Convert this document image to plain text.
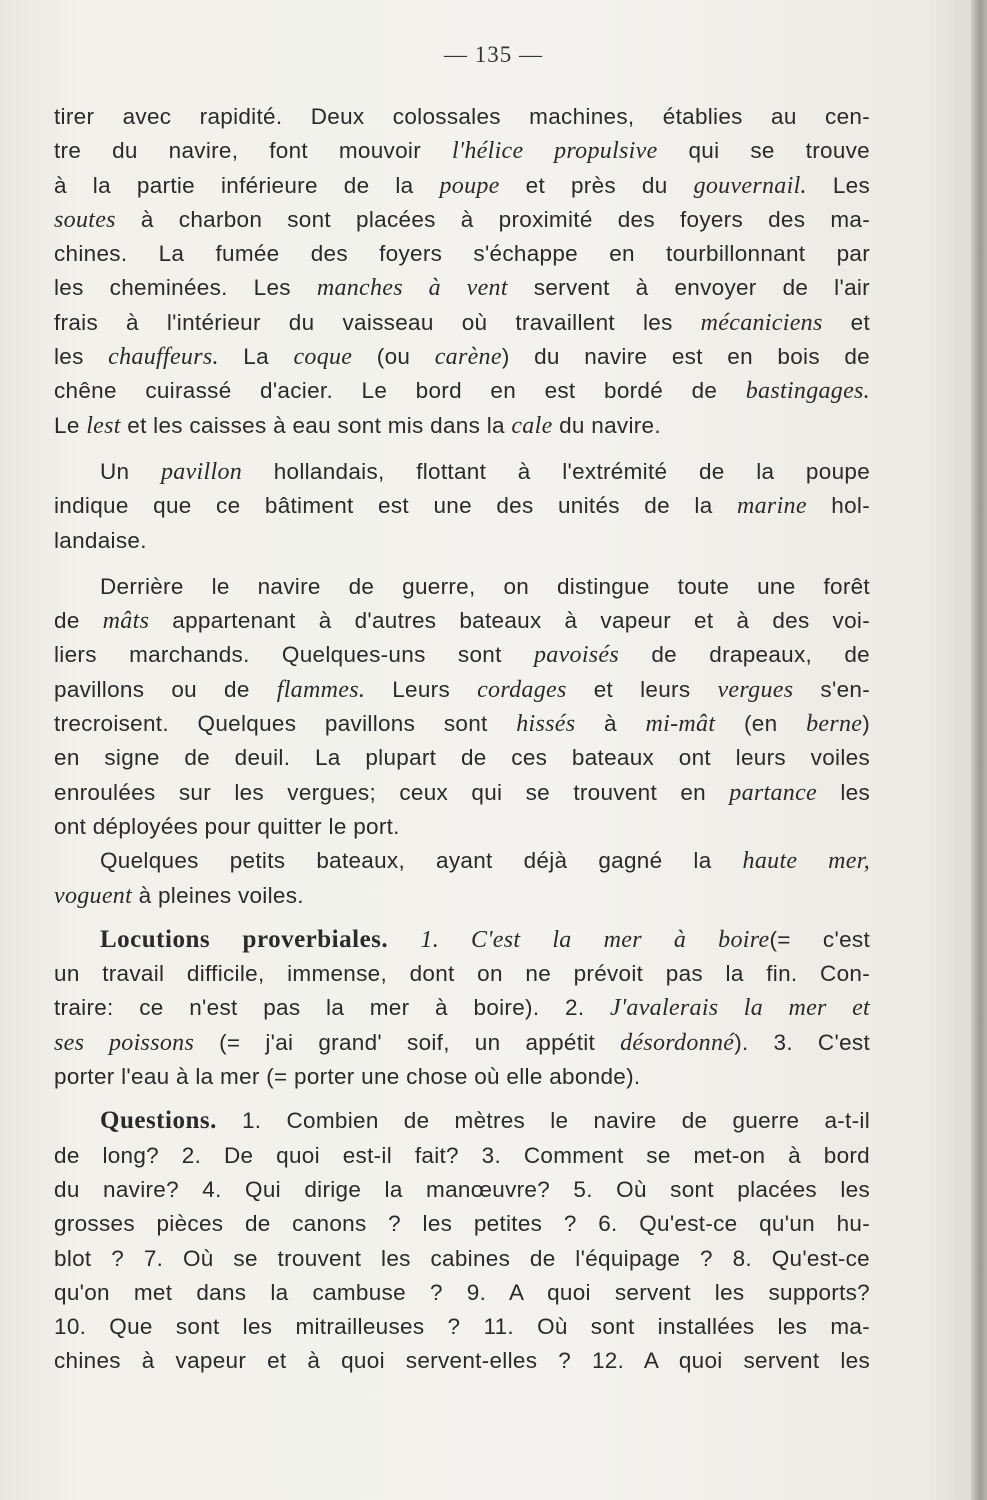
— 135 —
tirer avec rapidité. Deux colossales machines, établies au cen-
tre du navire, font mouvoir l'hélice propulsive qui se trouve
à la partie inférieure de la poupe et près du gouvernail. Les
soutes à charbon sont placées à proximité des foyers des ma-
chines. La fumée des foyers s'échappe en tourbillonnant par
les cheminées. Les manches à vent servent à envoyer de l'air
frais à l'intérieur du vaisseau où travaillent les mécaniciens et
les chauffeurs. La coque (ou carène) du navire est en bois de
chêne cuirassé d'acier. Le bord en est bordé de bastingages.
Le lest et les caisses à eau sont mis dans la cale du navire.
Un pavillon hollandais, flottant à l'extrémité de la poupe
indique que ce bâtiment est une des unités de la marine hol-
landaise.
Derrière le navire de guerre, on distingue toute une forêt
de mâts appartenant à d'autres bateaux à vapeur et à des voi-
liers marchands. Quelques-uns sont pavoisés de drapeaux, de
pavillons ou de flammes. Leurs cordages et leurs vergues s'en-
trecroisent. Quelques pavillons sont hissés à mi-mât (en berne)
en signe de deuil. La plupart de ces bateaux ont leurs voiles
enroulées sur les vergues; ceux qui se trouvent en partance les
ont déployées pour quitter le port.
Quelques petits bateaux, ayant déjà gagné la haute mer,
voguent à pleines voiles.
Locutions proverbiales. 1. C'est la mer à boire(= c'est
un travail difficile, immense, dont on ne prévoit pas la fin. Con-
traire: ce n'est pas la mer à boire). 2. J'avalerais la mer et
ses poissons (= j'ai grand' soif, un appétit désordonné). 3. C'est
porter l'eau à la mer (= porter une chose où elle abonde).
Questions. 1. Combien de mètres le navire de guerre a-t-il
de long? 2. De quoi est-il fait? 3. Comment se met-on à bord
du navire? 4. Qui dirige la manœuvre? 5. Où sont placées les
grosses pièces de canons ? les petites ? 6. Qu'est-ce qu'un hu-
blot ? 7. Où se trouvent les cabines de l'équipage ? 8. Qu'est-ce
qu'on met dans la cambuse ? 9. A quoi servent les supports?
10. Que sont les mitrailleuses ? 11. Où sont installées les ma-
chines à vapeur et à quoi servent-elles ? 12. A quoi servent les
